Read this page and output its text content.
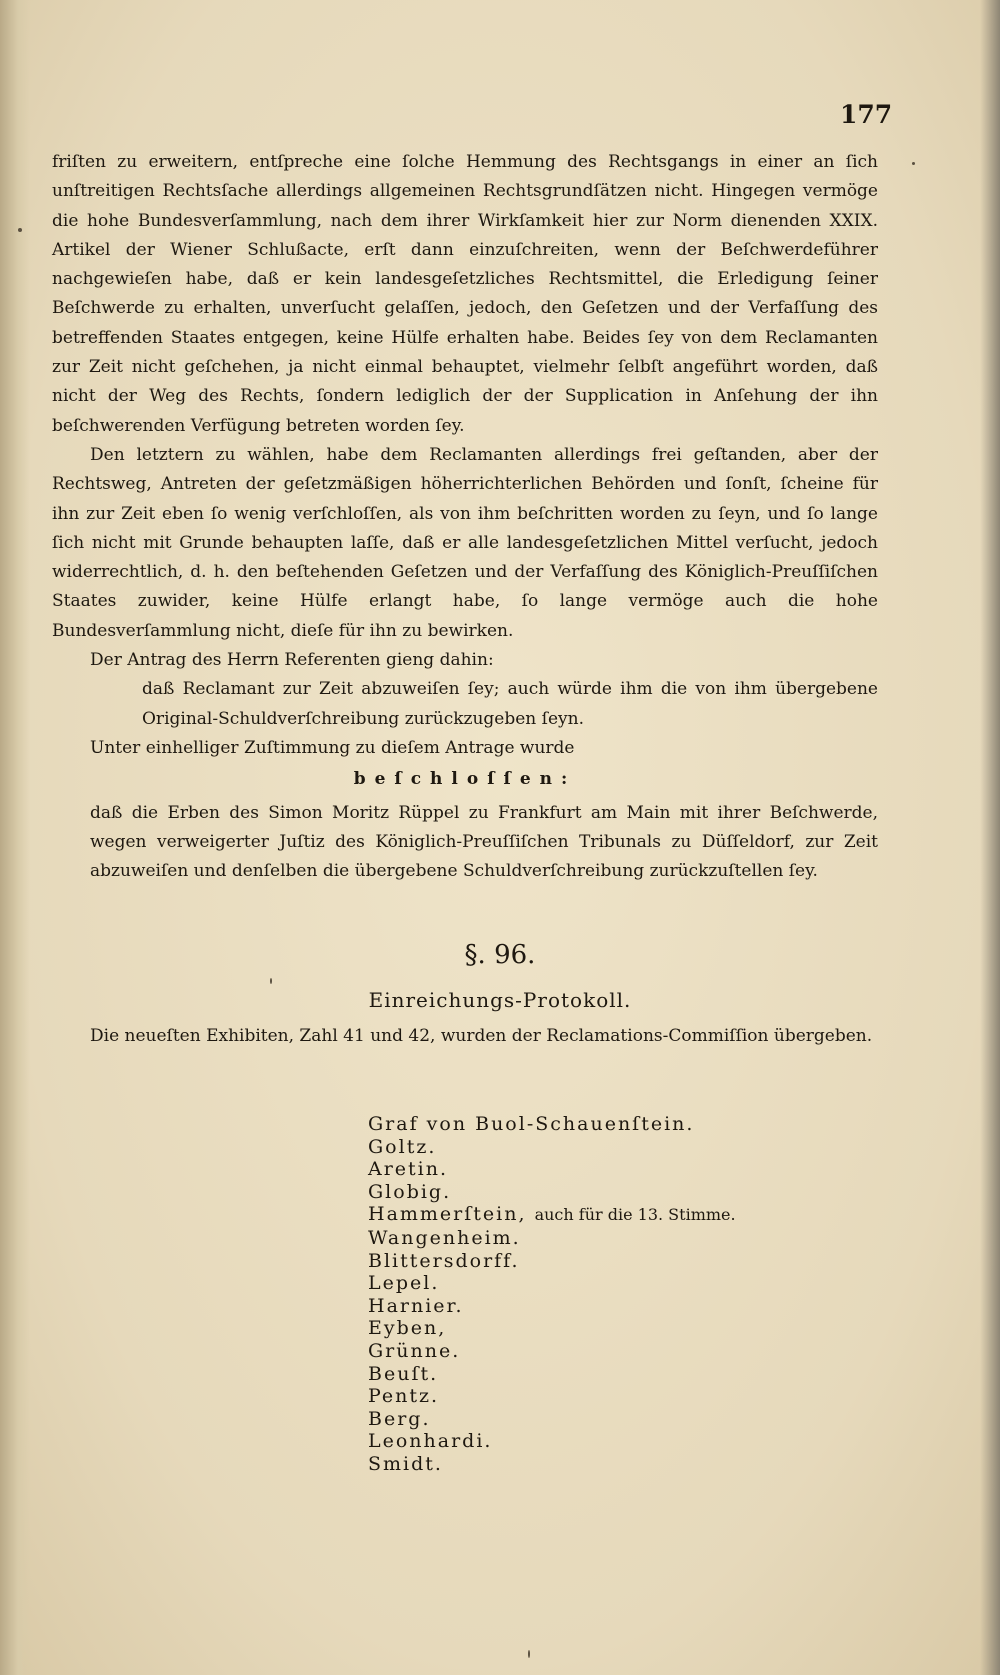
177

friſten zu erweitern, entſpreche eine ſolche Hemmung des Rechtsgangs in einer an ſich unſtreitigen Rechtsſache allerdings allgemeinen Rechtsgrundſätzen nicht. Hingegen vermöge die hohe Bundesverſammlung, nach dem ihrer Wirkſamkeit hier zur Norm dienenden XXIX. Artikel der Wiener Schlußacte, erſt dann einzuſchreiten, wenn der Beſchwerdeführer nachgewieſen habe, daß er kein landesgeſetzliches Rechtsmittel, die Erledigung ſeiner Beſchwerde zu erhalten, unverſucht gelaſſen, jedoch, den Geſetzen und der Verfaſſung des betreffenden Staates entgegen, keine Hülfe erhalten habe. Beides ſey von dem Reclamanten zur Zeit nicht geſchehen, ja nicht einmal behauptet, vielmehr ſelbſt angeführt worden, daß nicht der Weg des Rechts, ſondern lediglich der der Supplication in Anſehung der ihn beſchwerenden Verfügung betreten worden ſey.

Den letztern zu wählen, habe dem Reclamanten allerdings frei geſtanden, aber der Rechtsweg, Antreten der geſetzmäßigen höherrichterlichen Behörden und ſonſt, ſcheine für ihn zur Zeit eben ſo wenig verſchloſſen, als von ihm beſchritten worden zu ſeyn, und ſo lange ſich nicht mit Grunde behaupten laſſe, daß er alle landesgeſetzlichen Mittel verſucht, jedoch widerrechtlich, d. h. den beſtehenden Geſetzen und der Verfaſſung des Königlich-Preuſſiſchen Staates zuwider, keine Hülfe erlangt habe, ſo lange vermöge auch die hohe Bundesverſammlung nicht, dieſe für ihn zu bewirken.

Der Antrag des Herrn Referenten gieng dahin:

daß Reclamant zur Zeit abzuweiſen ſey; auch würde ihm die von ihm übergebene Original-Schuldverſchreibung zurückzugeben ſeyn.

Unter einhelliger Zuſtimmung zu dieſem Antrage wurde

beſchloſſen:

daß die Erben des Simon Moritz Rüppel zu Frankfurt am Main mit ihrer Beſchwerde, wegen verweigerter Juſtiz des Königlich-Preuſſiſchen Tribunals zu Düſſeldorf, zur Zeit abzuweiſen und denſelben die übergebene Schuldverſchreibung zurückzuſtellen ſey.

§. 96.
Einreichungs-Protokoll.
Die neueſten Exhibiten, Zahl 41 und 42, wurden der Reclamations-Commiſſion übergeben.
Graf von Buol-Schauenſtein.
Goltz.
Aretin.
Globig.
Hammerſtein, auch für die 13. Stimme.
Wangenheim.
Blittersdorff.
Lepel.
Harnier.
Eyben,
Grünne.
Beuſt.
Pentz.
Berg.
Leonhardi.
Smidt.
